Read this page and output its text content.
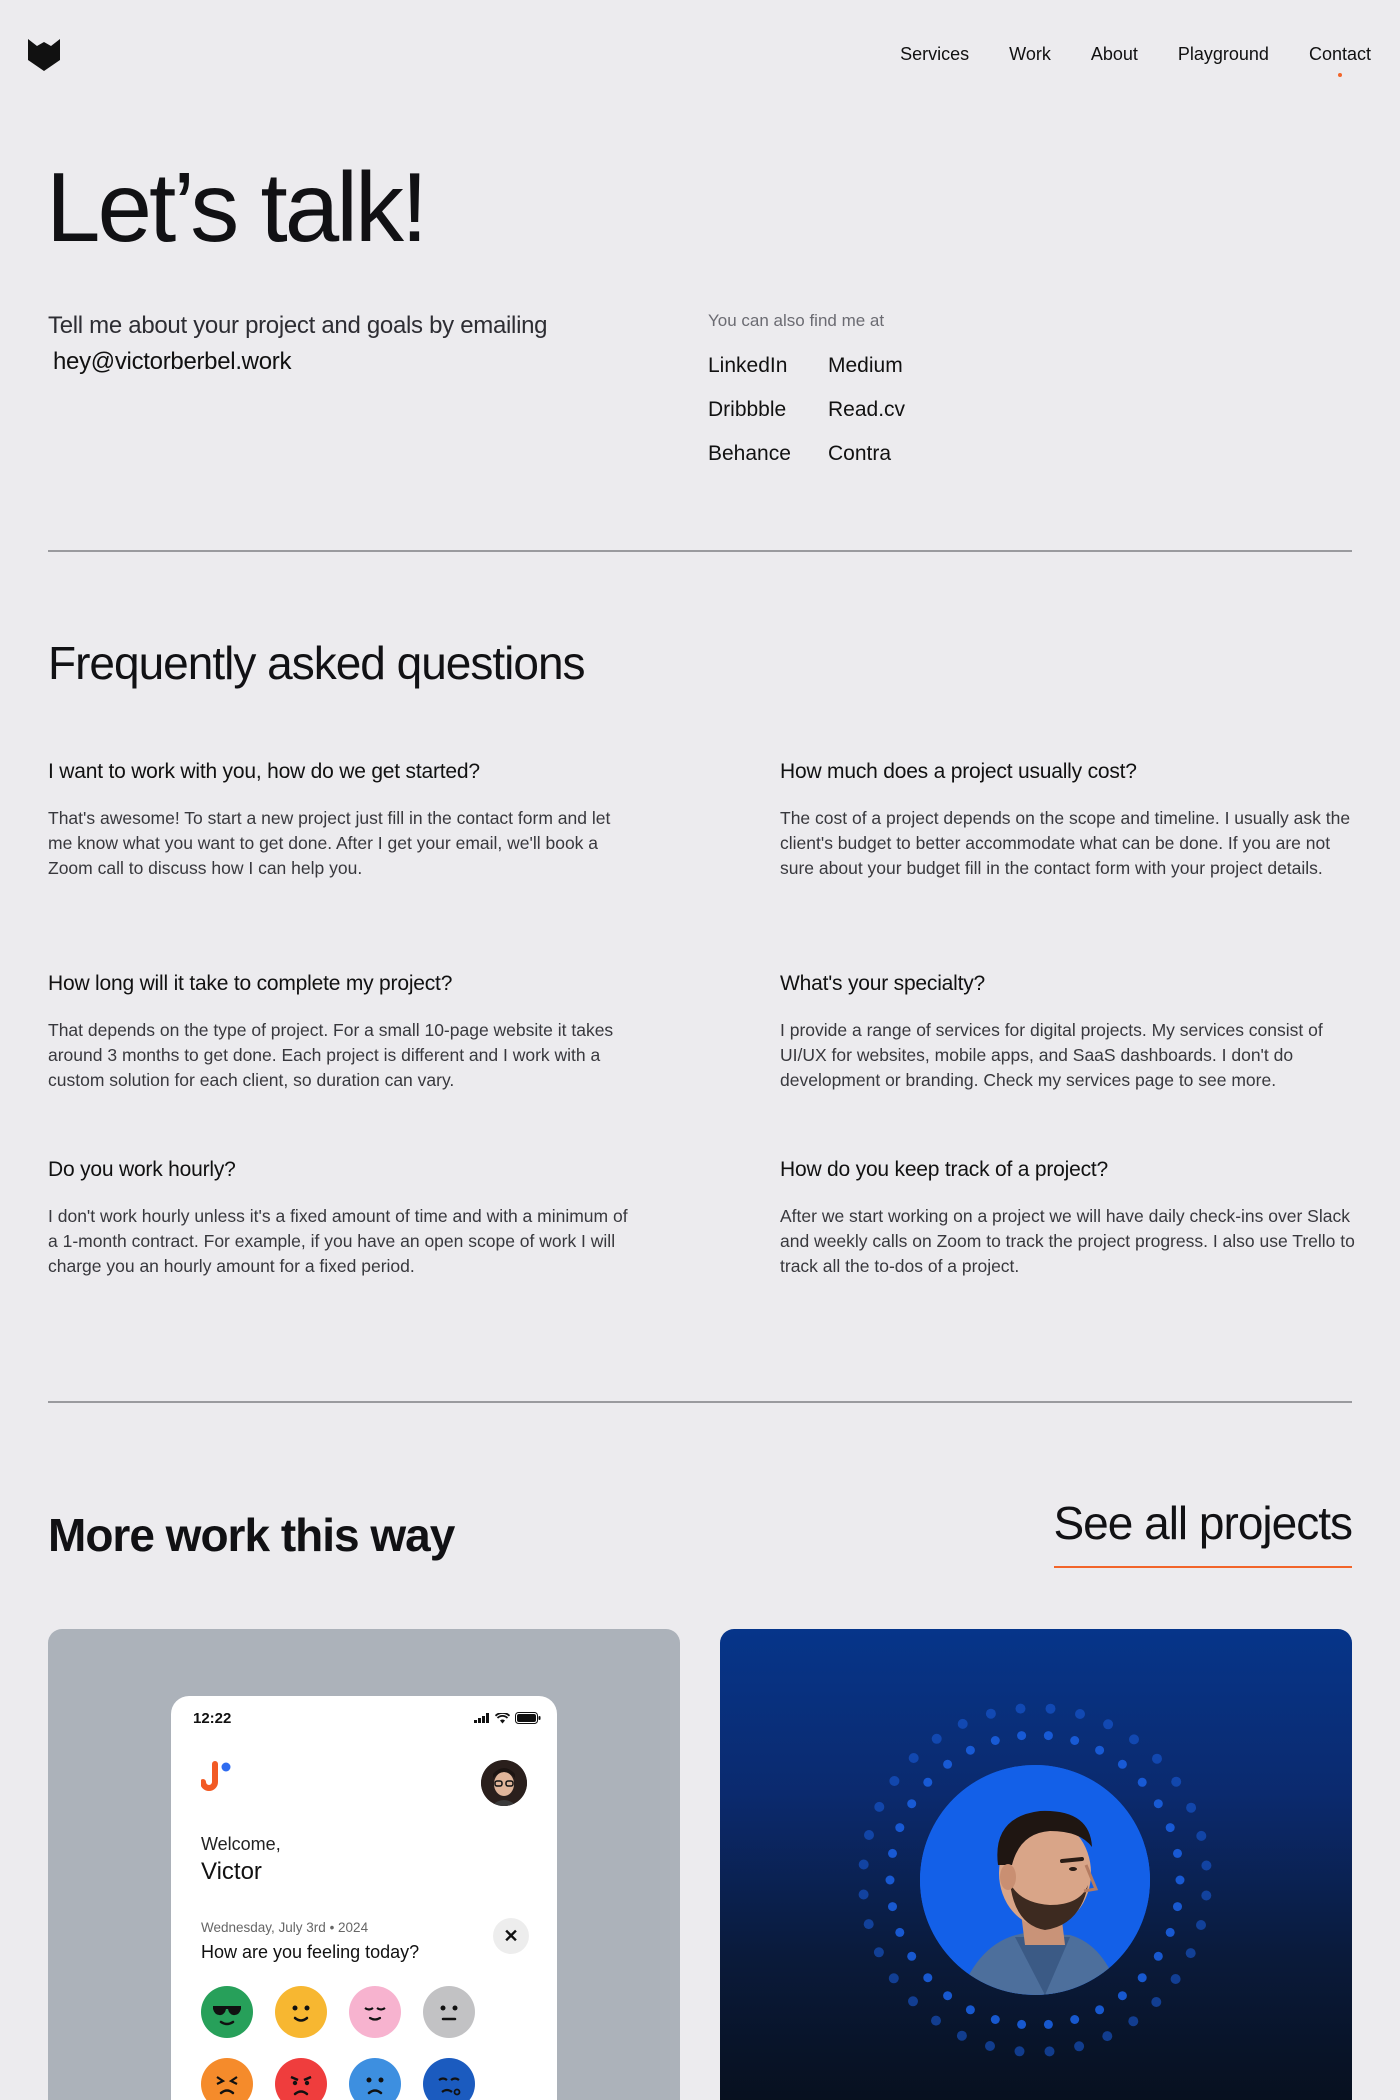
Services Work About Playground Contact
Let’s talk!
Tell me about your project and goals by emailing
hey@victorberbel.work
You can also find me at
LinkedIn	Medium
Dribbble	Read.cv
Behance	Contra
Frequently asked questions
I want to work with you, how do we get started?
That's awesome! To start a new project just fill in the contact form and let me know what you want to get done. After I get your email, we'll book a Zoom call to discuss how I can help you.
How much does a project usually cost?
The cost of a project depends on the scope and timeline. I usually ask the client's budget to better accommodate what can be done. If you are not sure about your budget fill in the contact form with your project details.
How long will it take to complete my project?
That depends on the type of project. For a small 10-page website it takes around 3 months to get done. Each project is different and I work with a custom solution for each client, so duration can vary.
What's your specialty?
I provide a range of services for digital projects. My services consist of UI/UX for websites, mobile apps, and SaaS dashboards. I don't do development or branding. Check my services page to see more.
Do you work hourly?
I don't work hourly unless it's a fixed amount of time and with a minimum of a 1-month contract. For example, if you have an open scope of work I will charge you an hourly amount for a fixed period.
How do you keep track of a project?
After we start working on a project we will have daily check-ins over Slack and weekly calls on Zoom to track the project progress. I also use Trello to track all the to-dos of a project.
More work this way	See all projects
12:22
Welcome,
Victor
Wednesday, July 3rd • 2024
How are you feeling today?
✕
